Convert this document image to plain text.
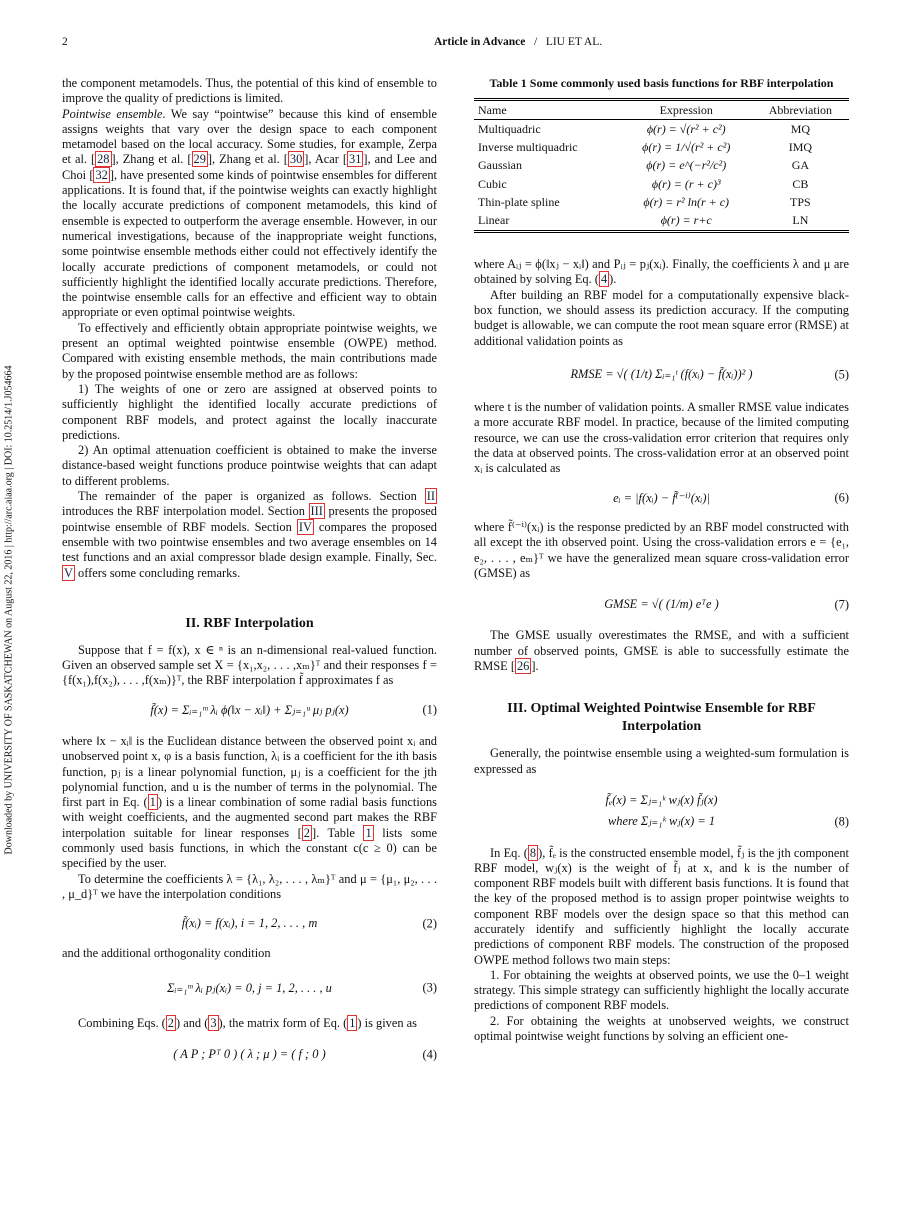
2	Article in Advance / LIU ET AL.
Downloaded by UNIVERSITY OF SASKATCHEWAN on August 22, 2016 | http://arc.aiaa.org | DOI: 10.2514/1.J054664

the component metamodels. Thus, the potential of this kind of ensemble to improve the quality of predictions is limited.

Pointwise ensemble. We say “pointwise” because this kind of ensemble assigns weights that vary over the design space to each component metamodel based on the local accuracy. Some studies, for example, Zerpa et al. [ 28 ], Zhang et al. [ 29 ], Zhang et al. [ 30 ], Acar [ 31 ], and Lee and Choi [ 32 ], have presented some kinds of pointwise ensembles for different applications. It is found that, if the pointwise weights can exactly highlight the locally accurate predictions of component metamodels, this kind of ensemble is expected to outperform the average ensemble. However, in our numerical investigations, because of the inappropriate weight functions, some pointwise ensemble methods either could not effectively identify the locally accurate predictions of component metamodels, or could not sufficiently highlight the identified locally accurate predictions. Therefore, the pointwise ensemble calls for an effective and efficient way to obtain appropriate or even optimal pointwise weights.

To effectively and efficiently obtain appropriate pointwise weights, we present an optimal weighted pointwise ensemble (OWPE) method. Compared with existing ensemble methods, the main contributions made by the proposed pointwise ensemble method are as follows:

1) The weights of one or zero are assigned at observed points to sufficiently highlight the identified locally accurate predictions of component RBF models, and protect against the locally inaccurate predictions.

2) An optimal attenuation coefficient is obtained to make the inverse distance-based weight functions produce pointwise weights that can adapt to different problems.

The remainder of the paper is organized as follows. Section II introduces the RBF interpolation model. Section III presents the proposed pointwise ensemble of RBF models. Section IV compares the proposed ensemble with two pointwise ensembles and two average ensembles on 14 test functions and an axial compressor blade design example. Finally, Sec. V offers some concluding remarks.

II. RBF Interpolation

Suppose that f = f(x), x ∈ ⁿ is an n-dimensional real-valued function. Given an observed sample set X = {x₁,x₂, . . . ,xₘ}ᵀ and their responses f = {f(x₁),f(x₂), . . . ,f(xₘ)}ᵀ, the RBF interpolation f̃ approximates f as

f̃(x) = Σᵢ₌₁ᵐ λᵢ ϕ(‖x − xᵢ‖) + Σⱼ₌₁ᵘ μⱼ pⱼ(x)	(1)

where ‖x − xᵢ‖ is the Euclidean distance between the observed point xᵢ and unobserved point x, φ is a basis function, λᵢ is a coefficient for the ith basis function, pⱼ is a linear polynomial function, μⱼ is a coefficient for the jth polynomial function, and u is the number of terms in the polynomial. The first part in Eq. ( 1 ) is a linear combination of some radial basis functions with weight coefficients, and the augmented second part makes the RBF interpolation suitable for linear responses [ 2 ]. Table 1 lists some commonly used basis functions, in which the constant c(c ≥ 0) can be specified by the user.

To determine the coefficients λ = {λ₁, λ₂, . . . , λₘ}ᵀ and μ = {μ₁, μ₂, . . . , μ_d}ᵀ we have the interpolation conditions

f̃(xᵢ) = f(xᵢ), i = 1, 2, . . . , m	(2)

and the additional orthogonality condition

Σᵢ₌₁ᵐ λᵢ pⱼ(xᵢ) = 0, j = 1, 2, . . . , u	(3)

Combining Eqs. ( 2 ) and ( 3 ), the matrix form of Eq. ( 1 ) is given as

( A P ; Pᵀ 0 ) ( λ ; μ ) = ( f ; 0 )	(4)
Table 1 Some commonly used basis functions for RBF interpolation
Name	Expression	Abbreviation
Multiquadric	ϕ(r) = √(r² + c²)	MQ
Inverse multiquadric	ϕ(r) = 1/√(r² + c²)	IMQ
Gaussian	ϕ(r) = e^(−r²/c²)	GA
Cubic	ϕ(r) = (r + c)³	CB
Thin-plate spline	ϕ(r) = r² ln(r + c)	TPS
Linear	ϕ(r) = r+c	LN

where Aᵢⱼ = ϕ(‖xⱼ − xᵢ‖) and Pᵢⱼ = pⱼ(xᵢ). Finally, the coefficients λ and μ are obtained by solving Eq. ( 4 ).

After building an RBF model for a computationally expensive black-box function, we should assess its prediction accuracy. If the computing budget is allowable, we can compute the root mean square error (RMSE) at additional validation points as

RMSE = √( (1/t) Σᵢ₌₁ᵗ (f(xᵢ) − f̃(xᵢ))² )	(5)

where t is the number of validation points. A smaller RMSE value indicates a more accurate RBF model. In practice, because of the limited computing resource, we can use the cross-validation error criterion that requires only the data at observed points. The cross-validation error at an observed point xᵢ is calculated as

eᵢ = |f(xᵢ) − f̃⁽⁻ⁱ⁾(xᵢ)|	(6)

where f̃⁽⁻ⁱ⁾(xᵢ) is the response predicted by an RBF model constructed with all except the ith observed point. Using the cross-validation errors e = {e₁, e₂, . . . , eₘ}ᵀ we have the generalized mean square cross-validation error (GMSE) as

GMSE = √( (1/m) eᵀe )	(7)

The GMSE usually overestimates the RMSE, and with a sufficient number of observed points, GMSE is able to successfully estimate the RMSE [ 26 ].

III. Optimal Weighted Pointwise Ensemble for RBF Interpolation

Generally, the pointwise ensemble using a weighted-sum formulation is expressed as

f̃ₑ(x) = Σⱼ₌₁ᵏ wⱼ(x) f̃ⱼ(x)
where Σⱼ₌₁ᵏ wⱼ(x) = 1	(8)

In Eq. ( 8 ), f̃ₑ is the constructed ensemble model, f̃ⱼ is the jth component RBF model, wⱼ(x) is the weight of f̃ⱼ at x, and k is the number of component RBF models built with different basis functions. It is found that the key of the proposed method is to assign proper pointwise weights to component RBF models over the design space so that this method can accurately identify and sufficiently highlight the locally accurate predictions of component RBF models. The construction of the proposed OWPE method follows two main steps:

1. For obtaining the weights at observed points, we use the 0–1 weight strategy. This simple strategy can sufficiently highlight the locally accurate predictions of component RBF models.

2. For obtaining the weights at unobserved weights, we construct optimal pointwise weight functions by solving an efficient one-
